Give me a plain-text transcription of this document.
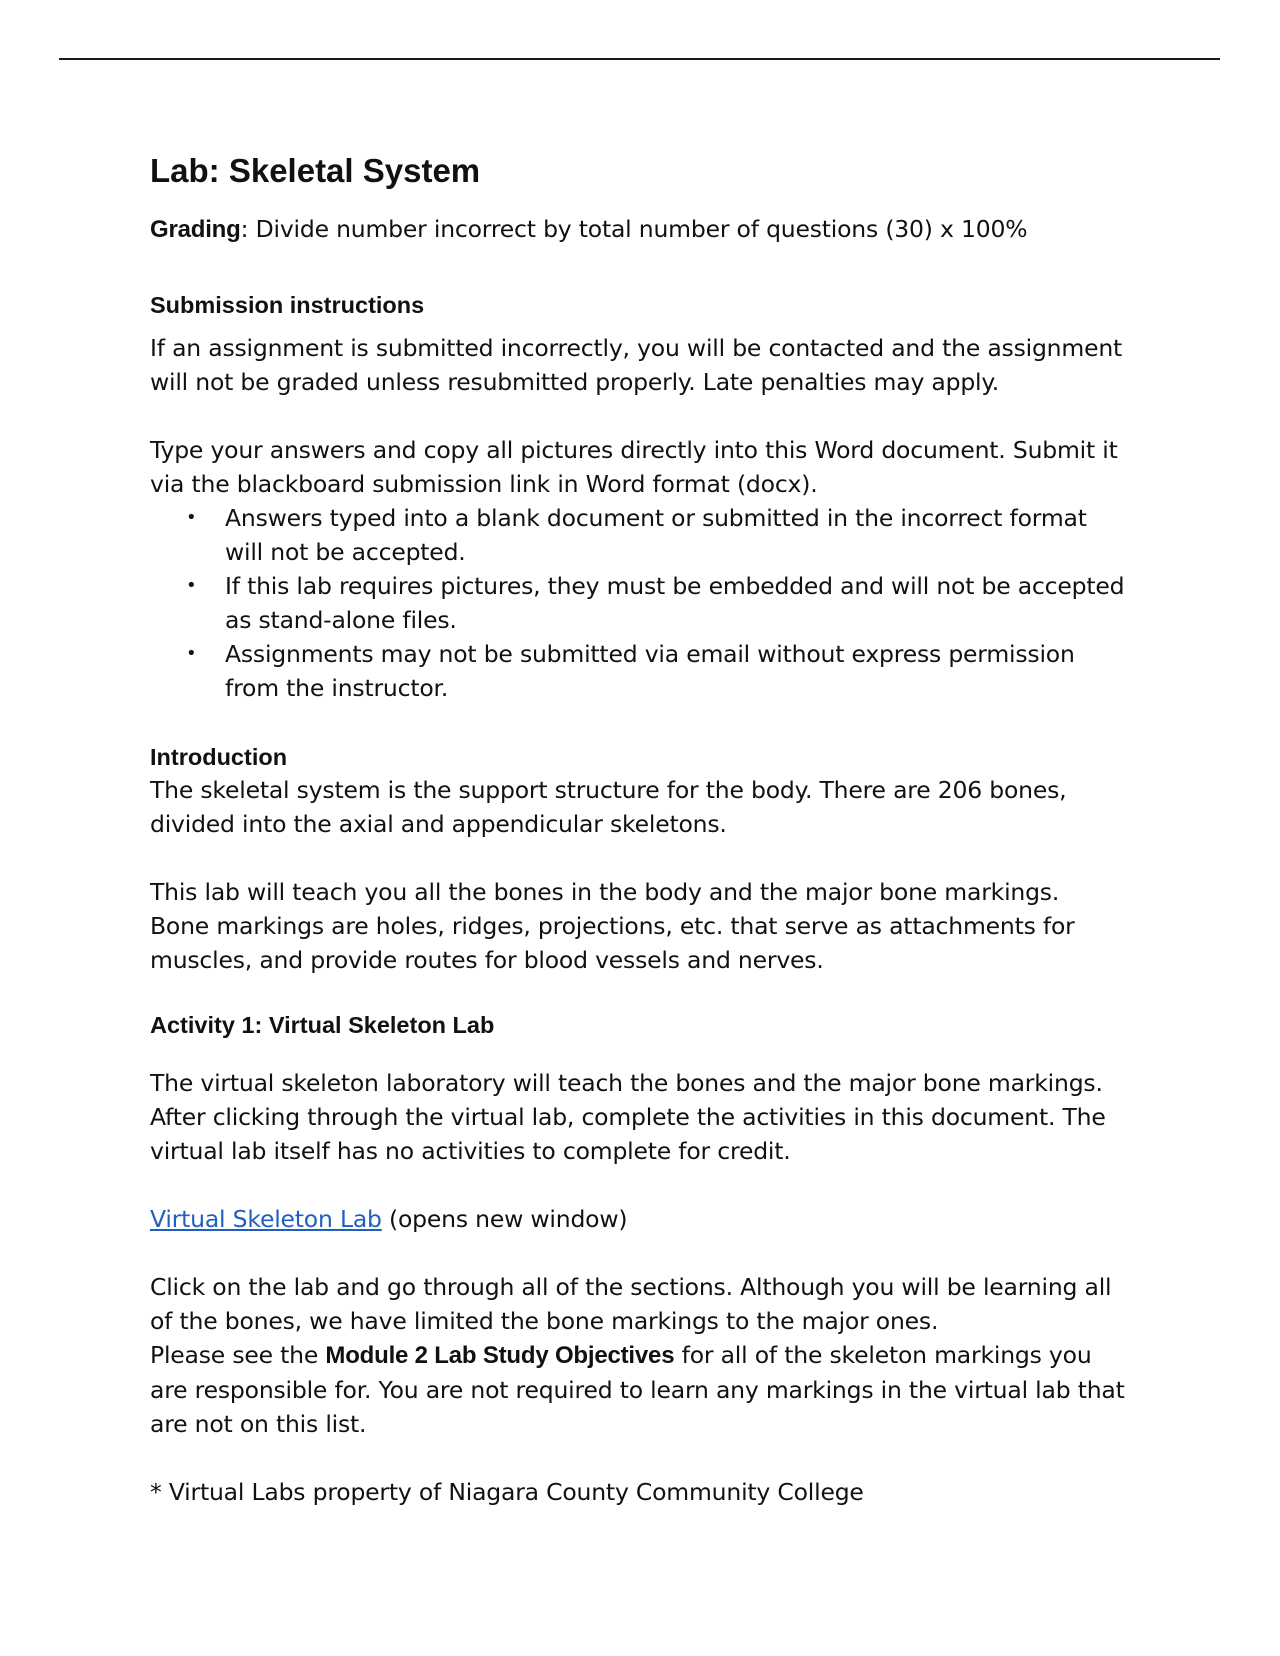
Lab: Skeletal System

Grading: Divide number incorrect by total number of questions (30) x 100%

Submission instructions

If an assignment is submitted incorrectly, you will be contacted and the assignment will not be graded unless resubmitted properly. Late penalties may apply.

Type your answers and copy all pictures directly into this Word document. Submit it via the blackboard submission link in Word format (docx).

• Answers typed into a blank document or submitted in the incorrect format will not be accepted.
• If this lab requires pictures, they must be embedded and will not be accepted as stand-alone files.
• Assignments may not be submitted via email without express permission from the instructor.
Introduction

The skeletal system is the support structure for the body. There are 206 bones, divided into the axial and appendicular skeletons.

This lab will teach you all the bones in the body and the major bone markings. Bone markings are holes, ridges, projections, etc. that serve as attachments for muscles, and provide routes for blood vessels and nerves.

Activity 1: Virtual Skeleton Lab

The virtual skeleton laboratory will teach the bones and the major bone markings. After clicking through the virtual lab, complete the activities in this document. The virtual lab itself has no activities to complete for credit.

Virtual Skeleton Lab (opens new window)

Click on the lab and go through all of the sections. Although you will be learning all of the bones, we have limited the bone markings to the major ones.

Please see the Module 2 Lab Study Objectives for all of the skeleton markings you are responsible for. You are not required to learn any markings in the virtual lab that are not on this list.

* Virtual Labs property of Niagara County Community College
